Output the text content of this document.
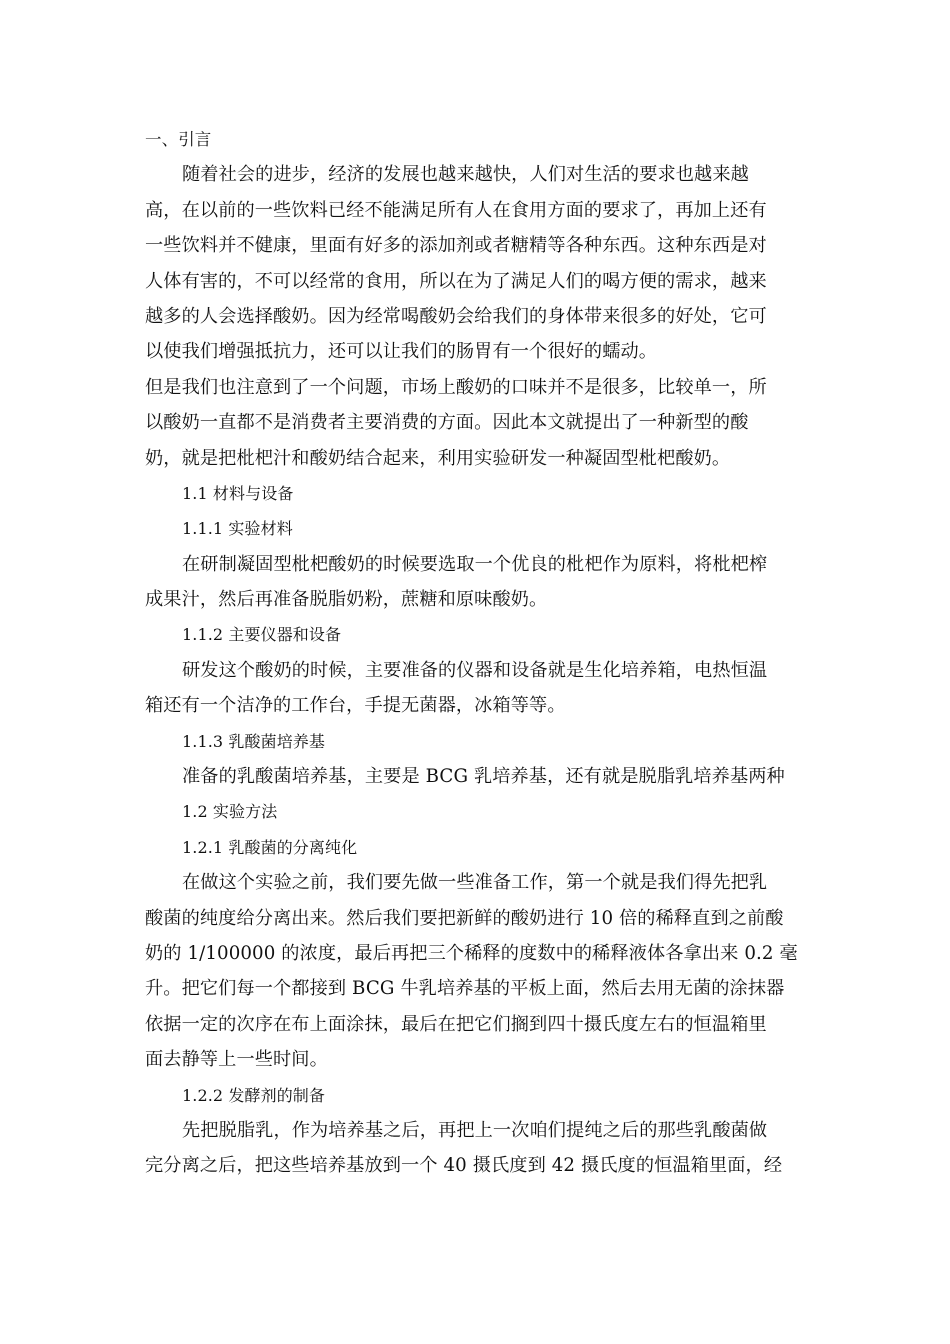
一、引言
随着社会的进步，经济的发展也越来越快，人们对生活的要求也越来越
高，在以前的一些饮料已经不能满足所有人在食用方面的要求了，再加上还有
一些饮料并不健康，里面有好多的添加剂或者糖精等各种东西。这种东西是对
人体有害的，不可以经常的食用，所以在为了满足人们的喝方便的需求，越来
越多的人会选择酸奶。因为经常喝酸奶会给我们的身体带来很多的好处，它可
以使我们增强抵抗力，还可以让我们的肠胃有一个很好的蠕动。
但是我们也注意到了一个问题，市场上酸奶的口味并不是很多，比较单一，所
以酸奶一直都不是消费者主要消费的方面。因此本文就提出了一种新型的酸
奶，就是把枇杷汁和酸奶结合起来，利用实验研发一种凝固型枇杷酸奶。
1.1 材料与设备
1.1.1 实验材料
在研制凝固型枇杷酸奶的时候要选取一个优良的枇杷作为原料，将枇杷榨
成果汁，然后再准备脱脂奶粉，蔗糖和原味酸奶。
1.1.2 主要仪器和设备
研发这个酸奶的时候，主要准备的仪器和设备就是生化培养箱，电热恒温
箱还有一个洁净的工作台，手提无菌器，冰箱等等。
1.1.3 乳酸菌培养基
准备的乳酸菌培养基，主要是 BCG 乳培养基，还有就是脱脂乳培养基两种
1.2 实验方法
1.2.1 乳酸菌的分离纯化
在做这个实验之前，我们要先做一些准备工作，第一个就是我们得先把乳
酸菌的纯度给分离出来。然后我们要把新鲜的酸奶进行 10 倍的稀释直到之前酸
奶的 1/100000 的浓度，最后再把三个稀释的度数中的稀释液体各拿出来 0.2 毫
升。把它们每一个都接到 BCG 牛乳培养基的平板上面，然后去用无菌的涂抹器
依据一定的次序在布上面涂抹，最后在把它们搁到四十摄氏度左右的恒温箱里
面去静等上一些时间。
1.2.2 发酵剂的制备
先把脱脂乳，作为培养基之后，再把上一次咱们提纯之后的那些乳酸菌做
完分离之后，把这些培养基放到一个 40 摄氏度到 42 摄氏度的恒温箱里面，经
